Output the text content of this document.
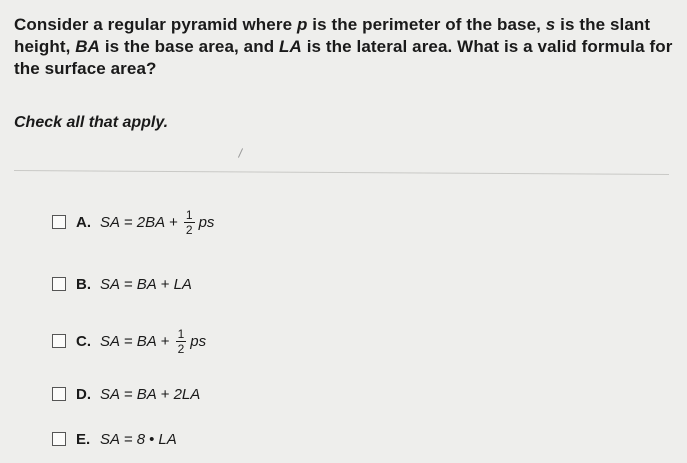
Consider a regular pyramid where p is the perimeter of the base, s is the slant height, BA is the base area, and LA is the lateral area. What is a valid formula for the surface area?
Check all that apply.
A. SA = $2BA + \frac{1}{2}$ ps
B. SA = BA + LA
C. SA = BA + $\frac{1}{2}$ ps
D. SA = BA + 2LA
E. SA = 8 • LA
